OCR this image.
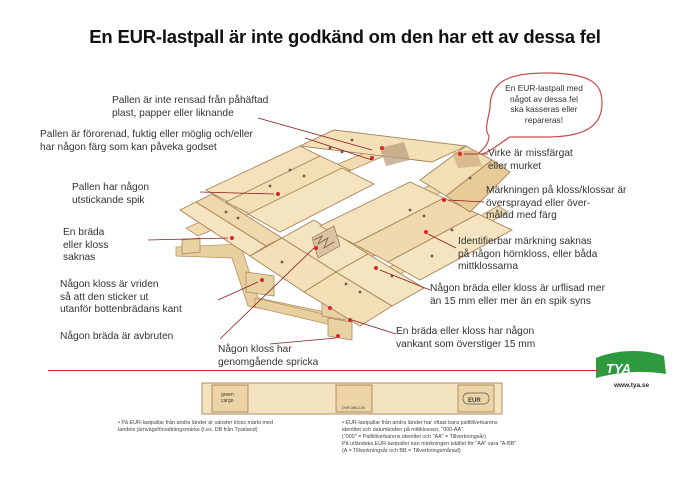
En EUR-lastpall är inte godkänd om den har ett av dessa fel
TYA
green cargo
DVR 089-2-00
EUR
En EUR-lastpall med
något av dessa fel
ska kasseras eller
repareras!
Pallen är inte rensad från påhäftad
plast, papper eller liknande
Pallen är förorenad, fuktig eller möglig och/eller
har någon färg som kan påveka godset
Pallen har någon
utstickande spik
En bräda
eller kloss
saknas
Någon kloss är vriden
så att den sticker ut
utanför bottenbrädans kant
Någon bräda är avbruten
Någon kloss har
genomgående spricka
Virke är missfärgat
eller murket
Märkningen på kloss/klossar är
översprayad eller över-
målad med färg
Identifierbar märkning saknas
på någon hörnkloss, eller båda
mittklossarna
Någon bräda eller kloss är urflisad mer
än 15 mm eller mer än en spik syns
En bräda eller kloss har någon
vankant som överstiger 15 mm
www.tya.se
• På EUR-lastpallar från andra länder är vänster kloss märkt med
landets järnvägsförvaltningsmärke (t.ex. DB från Tyskland)
• EUR-lastpallar från andra länder har oftast bara palltillverkarens
identitet och datumkoden på mittklossen, "000-AA".
("000" = Palltillverkarens identitet och "AA" = Tillverkningsår)
På utländska EUR-lastpaller kan märkningen istället för "AA" vara "A-BB"
(A = Tillverkningsår och BB = Tillverkningsmånad)
